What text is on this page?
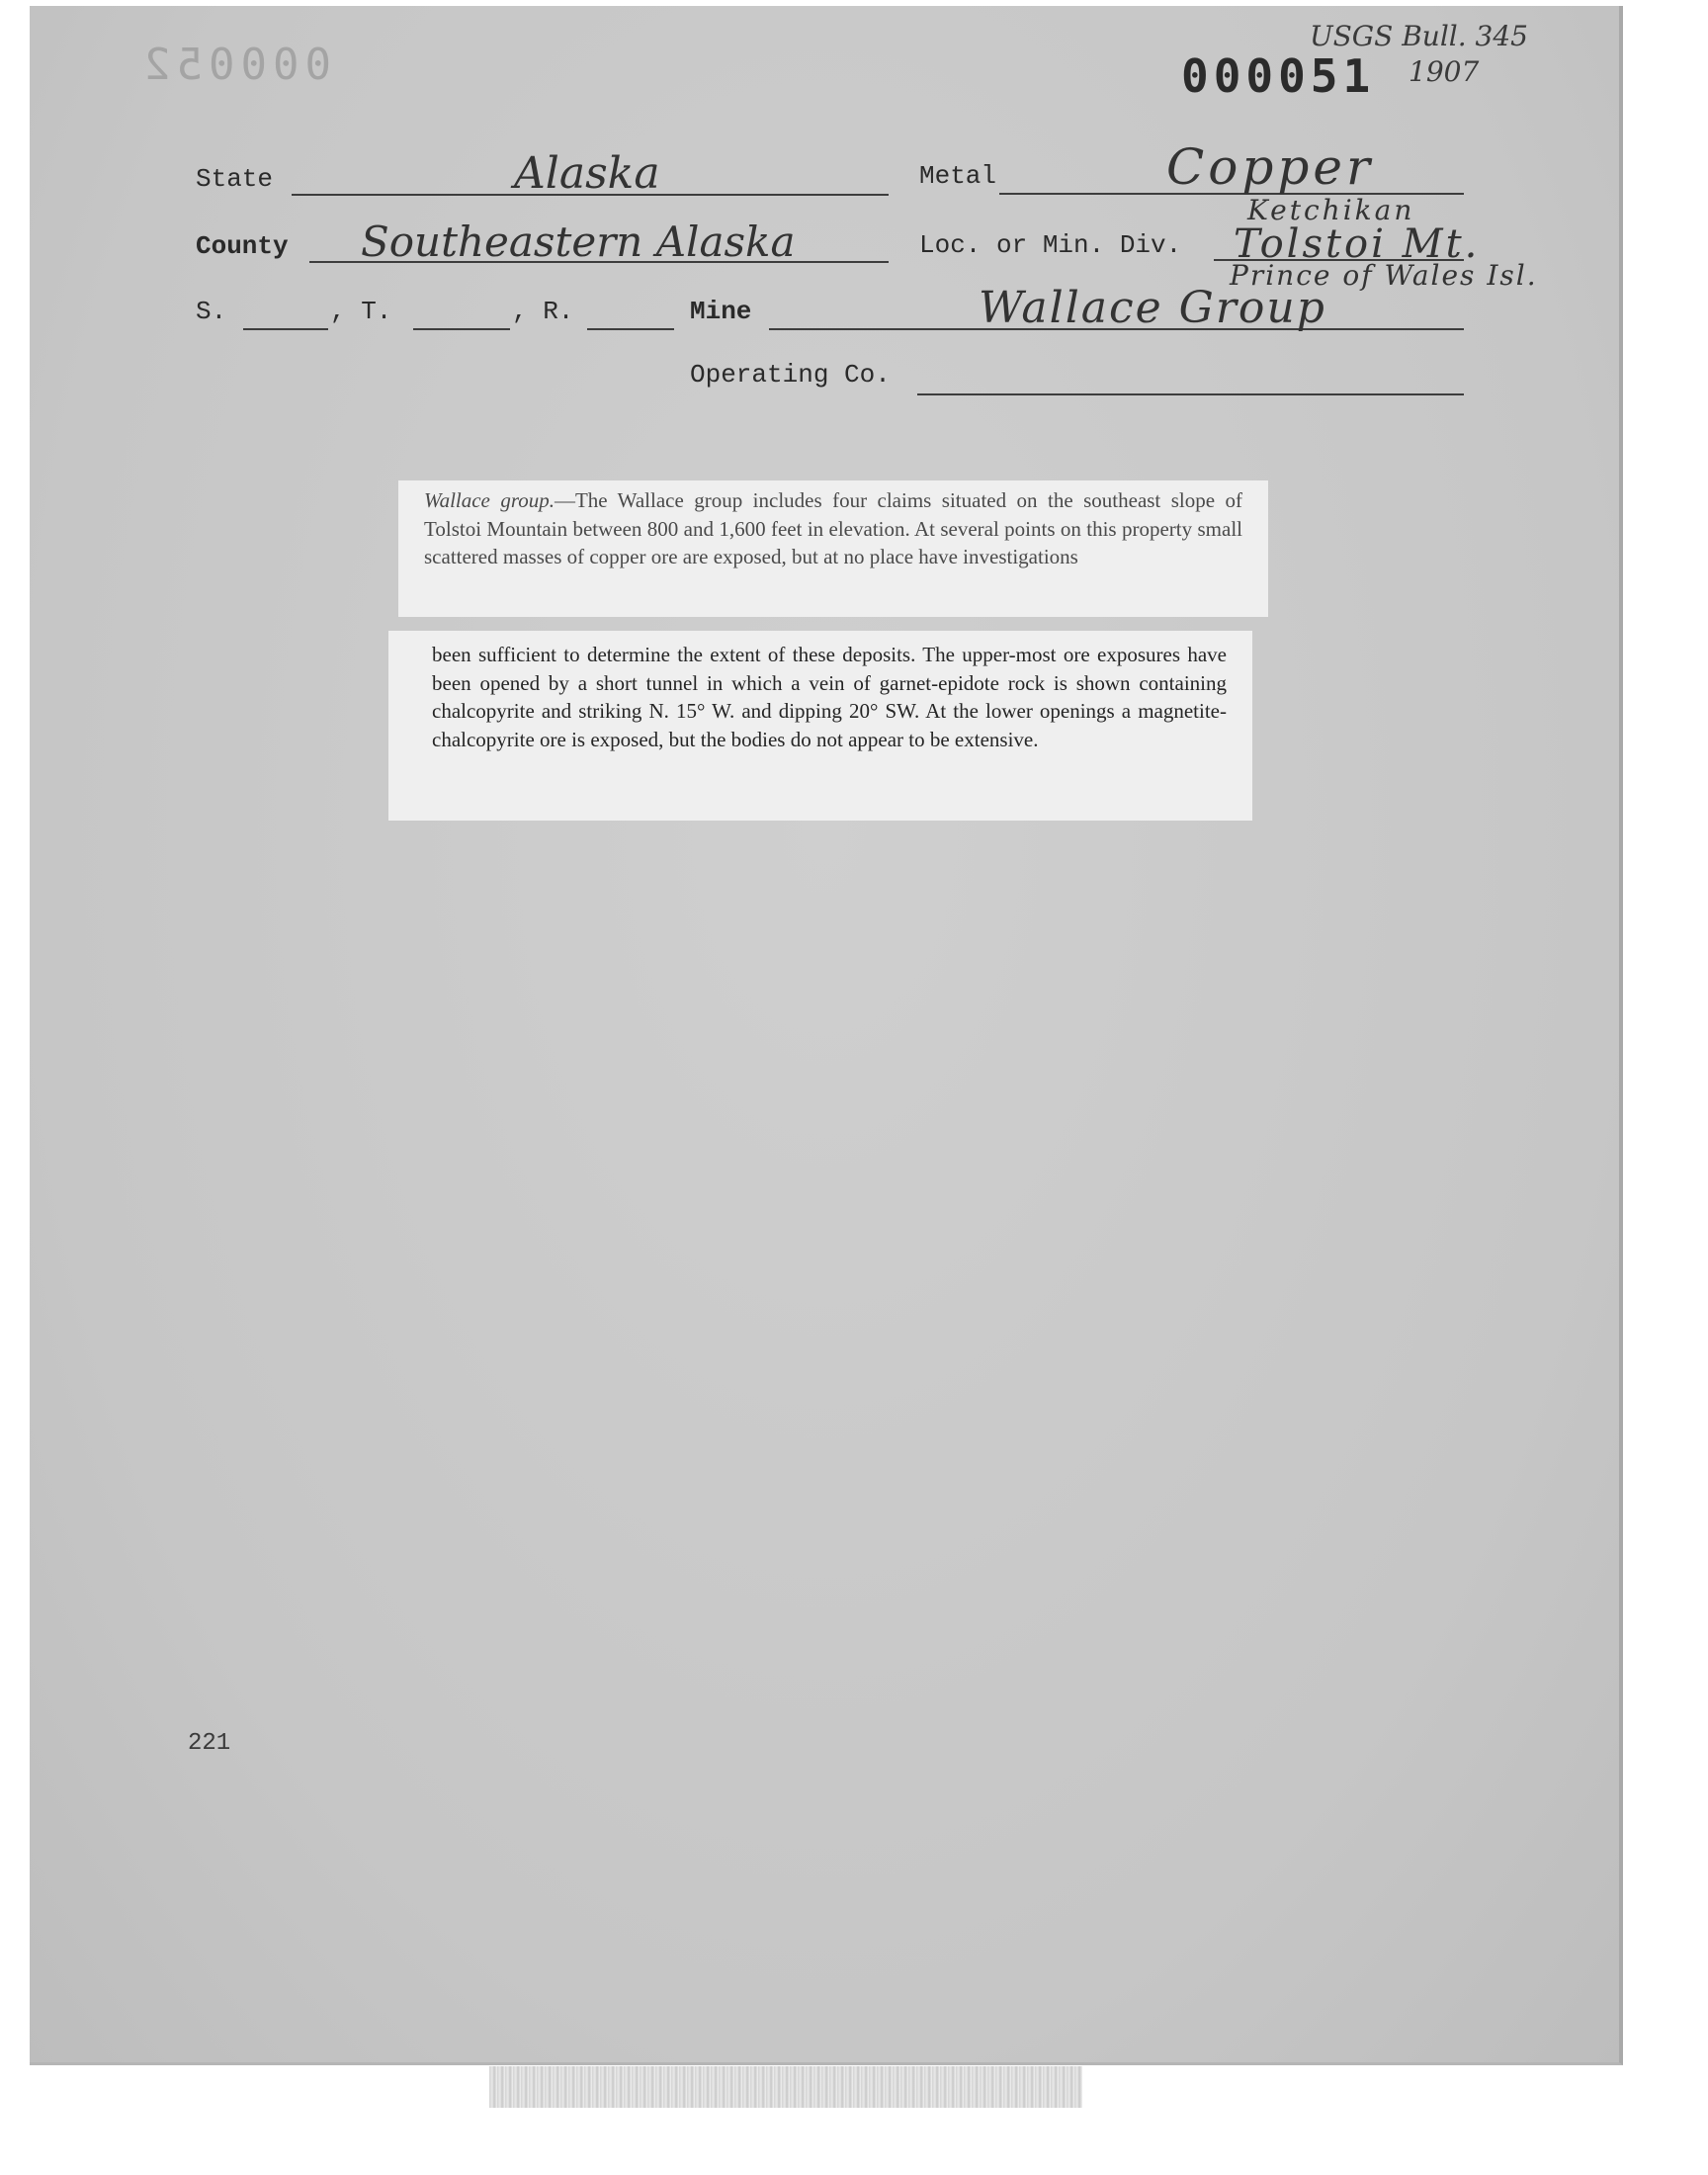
000052	000051
USGS Bull. 345
1907
State	Alaska	Metal	Copper
County Southeastern Alaska	Loc. or Min. Div.
Ketchikan
Tolstoi Mt.
Prince of Wales Isl.
S.	, T.	, R.	Mine	Wallace Group
Operating Co.
Wallace group.—The Wallace group includes four claims situated on the southeast slope of Tolstoi Mountain between 800 and 1,600 feet in elevation. At several points on this property small scattered masses of copper ore are exposed, but at no place have investigations
been sufficient to determine the extent of these deposits. The upper-most ore exposures have been opened by a short tunnel in which a vein of garnet-epidote rock is shown containing chalcopyrite and striking N. 15° W. and dipping 20° SW. At the lower openings a magnetite-chalcopyrite ore is exposed, but the bodies do not appear to be extensive.
221
